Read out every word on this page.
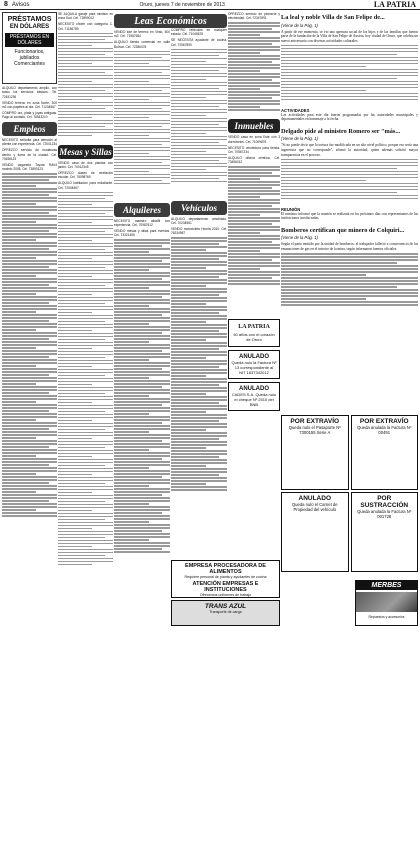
8 Avisos	Oruro, jueves 7 de noviembre de 2013	LA PATRIA
PRÉSTAMOS
EN DÓLARES
PRÉSTAMOS EN DÓLARES
Funcionarios, jubilados
Comerciantes

ALQUILO departamento amplio, con todos los servicios básicos. Tel. 72451236

VENDO terreno en zona Norte, 300 m2 con papeles al día. Cel. 71234567

COMPRO oro, plata y joyas antiguas. Pago al contado. Cel. 76543210

Empleos

NECESITO señorita para atención al cliente con experiencia. Cel. 72001234

OFREZCO servicio de mudanzas dentro y fuera de la ciudad. Cel. 70456123

VENDO vagoneta Toyota RAV4 modelo 2005. Cel. 73890123

SE ALQUILA garaje para minibús en zona Sud. Cel. 72890012

NECESITO chofer con categoría C. Cel. 71156789

Mesas y Sillas

VENDO casa de dos plantas con jardín. Cel. 70012345

OFREZCO clases de nivelación escolar. Cel. 76098765

ALQUILO habitación para estudiante. Cel. 72004567

Leas Económicos

VENDO lote de terreno en Vinto, 500 m2. Cel. 71987654

ALQUILO tienda comercial en calle Bolívar. Cel. 72356478

Alquileres

NECESITO maestro albañil con experiencia. Cel. 70987612

VENDO mesas y sillas para eventos. Cel. 73321456

COMPRO vehículos en cualquier estado. Cel. 71045678

SE NECESITA ayudante de cocina. Cel. 72567890

Vehículos

ALQUILO departamento amoblado. Cel. 70234561

VENDO motocicleta Honda 2010. Cel. 76234987

OFREZCO servicio de plomería y electricidad. Cel. 72347891

Inmuebles

VENDO casa en zona Este con 3 dormitorios. Cel. 71009876

NECESITO vendedora para tienda. Cel. 70567234

ALQUILO oficina céntrica. Cel. 73456012

LA PATRIA
40 años con el corazón de Oruro
ANULADO
Queda nulo la Factura Nº 13 correspondiente al NIT 1637342012
ANULADO
CADES S.A. Queda nulo el cheque Nº 2510 del BNB
La leal y noble Villa de San Felipe de...
(Viene de la Pág. 1)

A partir de ese momento, se vio una apertura social de los hijos y de las familias que fueron parte de la fundación de la Villa de San Felipe de Austria, hoy ciudad de Oruro, que celebra un nuevo aniversario con diversas actividades culturales.

ACTIVIDADES

Las actividades para este día fueron programadas por las autoridades municipales y departamentales en homenaje a la fecha.

Delgado pide al ministro Romero ser "más...
(Viene de la Pág. 1)

"Si no puede decir que la tortura fue modificada en un alto nivel político, porque eso sería una ingerencia que no corresponde", afirmó la autoridad, quien además solicitó mayor transparencia en el proceso.

REUNIÓN

El ministro informó que la reunión se realizará en los próximos días con representantes de las instituciones involucradas.

Bomberos certifican que minero de Colquiri...
(Viene de la Pág. 1)

Según el parte emitido por la unidad de bomberos, el trabajador falleció a consecuencia de las emanaciones de gas en el interior de la mina, según informaron fuentes oficiales.

POR EXTRAVÍO
Queda nulo el Pasaporte Nº 7300155 Serie A
POR EXTRAVÍO
Queda anulada la Factura Nº 00491
ANULADO
Queda nulo el Carnet de Propiedad del vehículo
POR SUSTRACCIÓN
Queda anulada la Factura Nº 001728
EMPRESA PROCESADORA DE ALIMENTOS
Requiere personal de planta y ayudantes de cocina
ATENCIÓN EMPRESAS E INSTITUCIONES
Ofrecemos uniformes de trabajo
TRANS AZUL
Transporte de carga
MERBES
Repuestos y accesorios
